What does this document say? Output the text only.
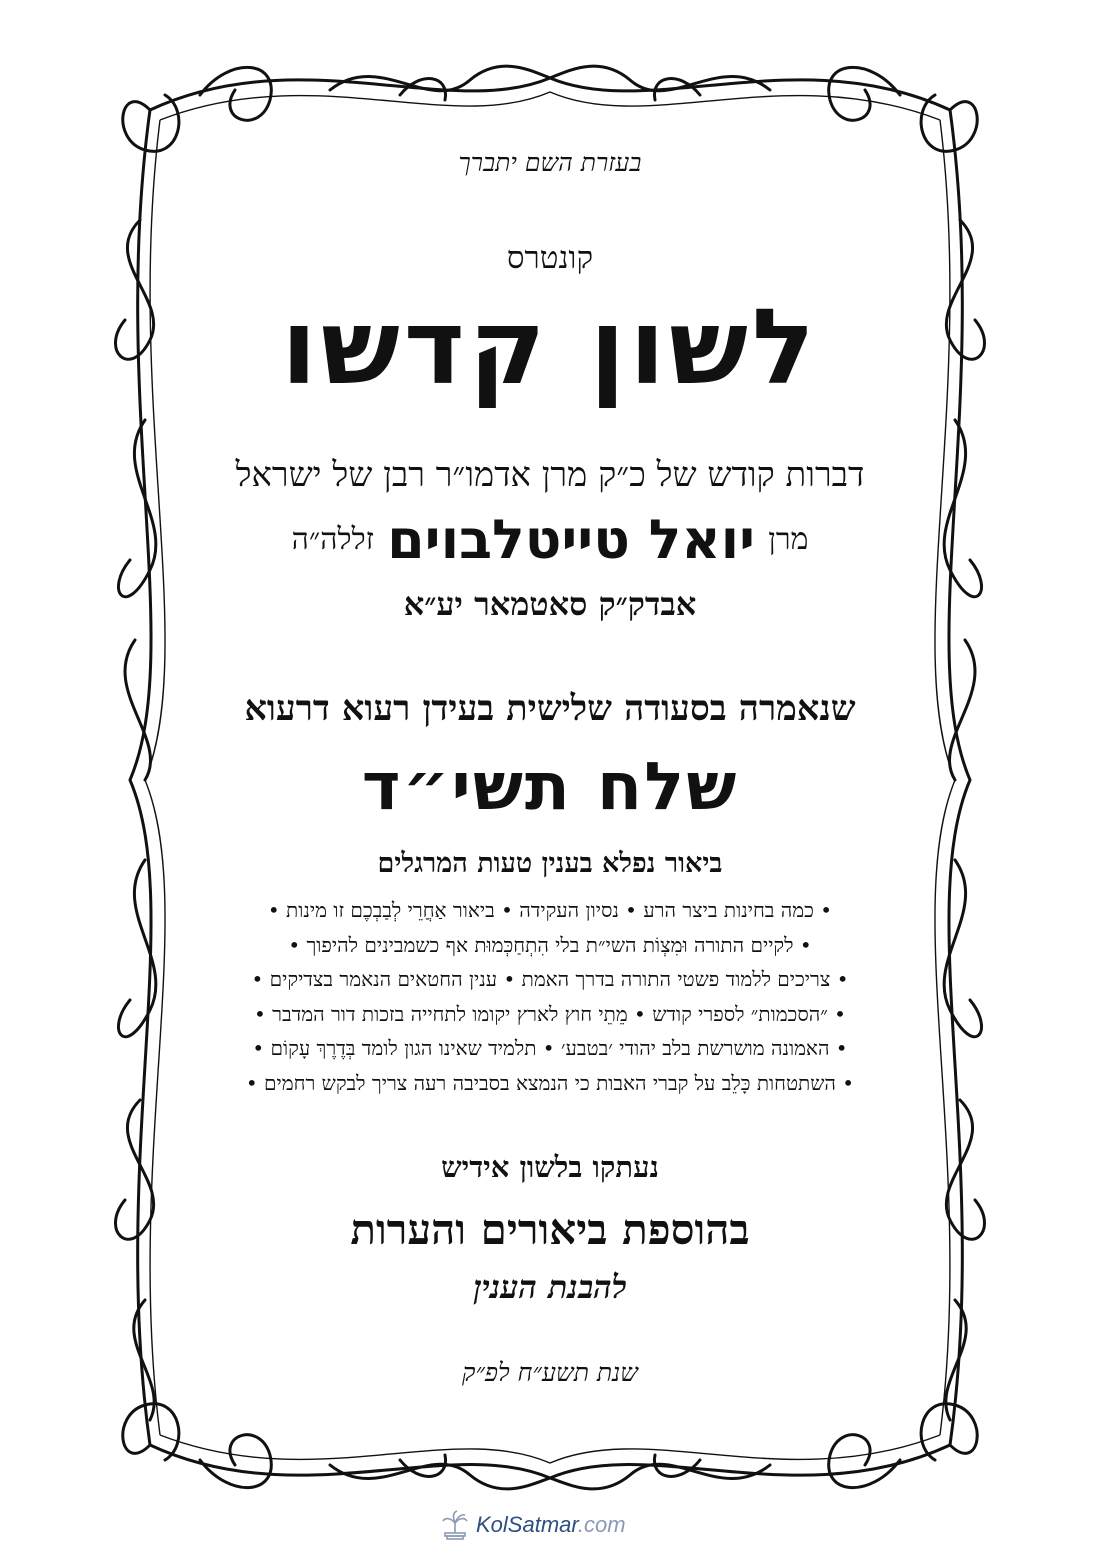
בעזרת השם יתברך
קונטרס
לשון קדשו
דברות קודש של כ״ק מרן אדמו״ר רבן של ישראל
מרן יואל טייטלבוים זללה״ה
אבדק״ק סאטמאר יע״א
שנאמרה בסעודה שלישית בעידן רעוא דרעוא
שלח תשי״ד
ביאור נפלא בענין טעות המרגלים
• כמה בחינות ביצר הרע • נסיון העקידה • ביאור אַחֲרֵי לְבַבְכֶם זו מינות •
• לקיים התורה וּמִצְוֹת השי״ת בלי הִתְחַכְּמוּת אף כשמבינים להיפוך •
• צריכים ללמוד פשטי התורה בדרך האמת • ענין החטאים הנאמר בצדיקים •
• ״הסכמות״ לספרי קודש • מֵתֵי חוץ לארץ יקומו לתחייה בזכות דור המדבר •
• האמונה מושרשת בלב יהודי ׳בטבע׳ • תלמיד שאינו הגון לומד בְּדֶרֶךְ עָקוֹם •
• השתטחות כָּלֵב על קברי האבות כי הנמצא בסביבה רעה צריך לבקש רחמים •
נעתקו בלשון אידיש
בהוספת ביאורים והערות
להבנת הענין
שנת תשע״ח לפ״ק
KolSatmar.com
